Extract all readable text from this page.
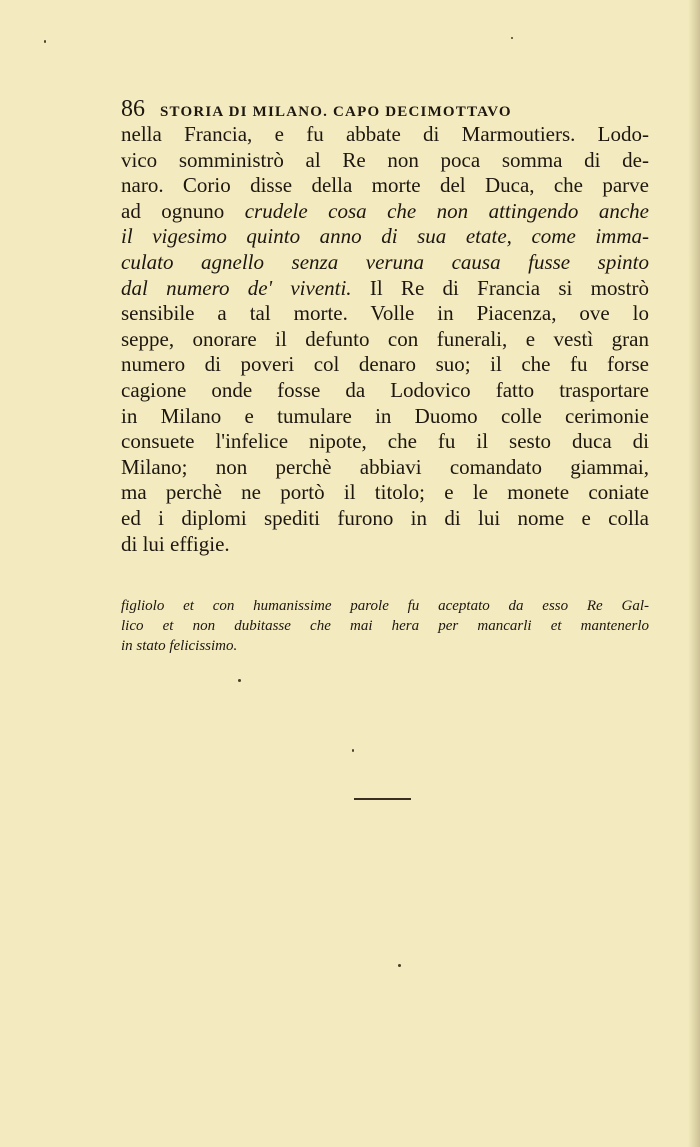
86 STORIA DI MILANO. CAPO DECIMOTTAVO
nella Francia, e fu abbate di Marmoutiers. Lodo-
vico somministrò al Re non poca somma di de-
naro. Corio disse della morte del Duca, che parve
ad ognuno crudele cosa che non attingendo anche
il vigesimo quinto anno di sua etate, come imma-
culato agnello senza veruna causa fusse spinto
dal numero de' viventi. Il Re di Francia si mostrò
sensibile a tal morte. Volle in Piacenza, ove lo
seppe, onorare il defunto con funerali, e vestì gran
numero di poveri col denaro suo; il che fu forse
cagione onde fosse da Lodovico fatto trasportare
in Milano e tumulare in Duomo colle cerimonie
consuete l'infelice nipote, che fu il sesto duca di
Milano; non perchè abbiavi comandato giammai,
ma perchè ne portò il titolo; e le monete coniate
ed i diplomi spediti furono in di lui nome e colla
di lui effigie.
figliolo et con humanissime parole fu aceptato da esso Re Gal-
lico et non dubitasse che mai hera per mancarli et mantenerlo
in stato felicissimo.
